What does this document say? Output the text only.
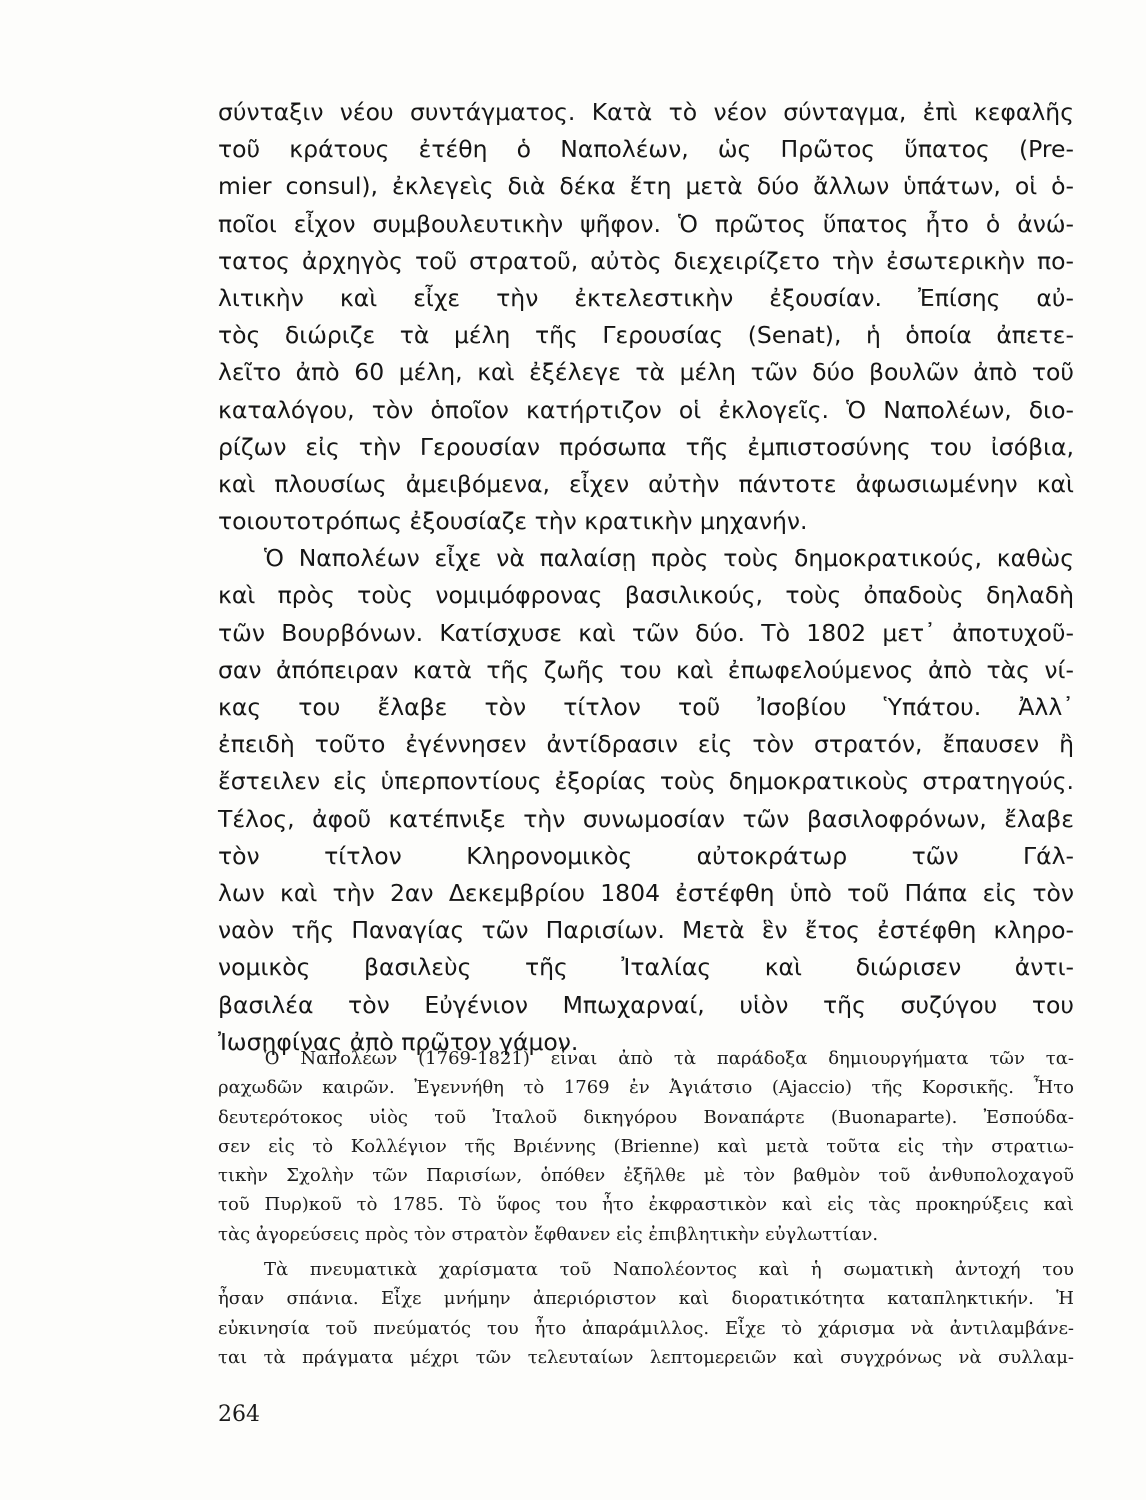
σύνταξιν νέου συντάγματος. Κατὰ τὸ νέον σύνταγμα, ἐπὶ κεφαλῆς
τοῦ κράτους ἐτέθη ὁ Ναπολέων, ὡς Πρῶτος ὕπατος (Pre-
mier consul), ἐκλεγεὶς διὰ δέκα ἔτη μετὰ δύο ἄλλων ὑπάτων, οἱ ὁ-
ποῖοι εἶχον συμβουλευτικὴν ψῆφον. Ὁ πρῶτος ὕπατος ἦτο ὁ ἀνώ-
τατος ἀρχηγὸς τοῦ στρατοῦ, αὐτὸς διεχειρίζετο τὴν ἐσωτερικὴν πο-
λιτικὴν καὶ εἶχε τὴν ἐκτελεστικὴν ἐξουσίαν. Ἐπίσης αὐ-
τὸς διώριζε τὰ μέλη τῆς Γερουσίας (Senat), ἡ ὁποία ἀπετε-
λεῖτο ἀπὸ 60 μέλη, καὶ ἐξέλεγε τὰ μέλη τῶν δύο βουλῶν ἀπὸ τοῦ
καταλόγου, τὸν ὁποῖον κατήρτιζον οἱ ἐκλογεῖς. Ὁ Ναπολέων, διο-
ρίζων εἰς τὴν Γερουσίαν πρόσωπα τῆς ἐμπιστοσύνης του ἰσόβια,
καὶ πλουσίως ἀμειβόμενα, εἶχεν αὐτὴν πάντοτε ἀφωσιωμένην καὶ
τοιουτοτρόπως ἐξουσίαζε τὴν κρατικὴν μηχανήν.
Ὁ Ναπολέων εἶχε νὰ παλαίσῃ πρὸς τοὺς δημοκρατικούς, καθὼς
καὶ πρὸς τοὺς νομιμόφρονας βασιλικούς, τοὺς ὀπαδοὺς δηλαδὴ
τῶν Βουρβόνων. Κατίσχυσε καὶ τῶν δύο. Τὸ 1802 μετ᾽ ἀποτυχοῦ-
σαν ἀπόπειραν κατὰ τῆς ζωῆς του καὶ ἐπωφελούμενος ἀπὸ τὰς νί-
κας του ἔλαβε τὸν τίτλον τοῦ Ἰσοβίου Ὑπάτου. Ἀλλ᾽
ἐπειδὴ τοῦτο ἐγέννησεν ἀντίδρασιν εἰς τὸν στρατόν, ἔπαυσεν ἢ
ἔστειλεν εἰς ὑπερποντίους ἐξορίας τοὺς δημοκρατικοὺς στρατηγούς.
Τέλος, ἀφοῦ κατέπνιξε τὴν συνωμοσίαν τῶν βασιλοφρόνων, ἔλαβε
τὸν τίτλον Κληρονομικὸς αὐτοκράτωρ τῶν Γάλ-
λων καὶ τὴν 2αν Δεκεμβρίου 1804 ἐστέφθη ὑπὸ τοῦ Πάπα εἰς τὸν
ναὸν τῆς Παναγίας τῶν Παρισίων. Μετὰ ἓν ἔτος ἐστέφθη κληρο-
νομικὸς βασιλεὺς τῆς Ἰταλίας καὶ διώρισεν ἀντι-
βασιλέα τὸν Εὐγένιον Μπωχαρναί, υἱὸν τῆς συζύγου του
Ἰωσηφίνας ἀπὸ πρῶτον γάμον.
Ὁ Ναπολέων (1769-1821) εἶναι ἀπὸ τὰ παράδοξα δημιουργήματα τῶν τα-
ραχωδῶν καιρῶν. Ἐγεννήθη τὸ 1769 ἐν Ἀγιάτσιο (Ajaccio) τῆς Κορσικῆς. Ἦτο
δευτερότοκος υἱὸς τοῦ Ἰταλοῦ δικηγόρου Βοναπάρτε (Buonaparte). Ἐσπούδα-
σεν εἰς τὸ Κολλέγιον τῆς Βριέννης (Brienne) καὶ μετὰ τοῦτα εἰς τὴν στρατιω-
τικὴν Σχολὴν τῶν Παρισίων, ὁπόθεν ἐξῆλθε μὲ τὸν βαθμὸν τοῦ ἀνθυπολοχαγοῦ
τοῦ Πυρ)κοῦ τὸ 1785. Τὸ ὕφος του ἦτο ἐκφραστικὸν καὶ εἰς τὰς προκηρύξεις καὶ
τὰς ἀγορεύσεις πρὸς τὸν στρατὸν ἔφθανεν εἰς ἐπιβλητικὴν εὐγλωττίαν.
Τὰ πνευματικὰ χαρίσματα τοῦ Ναπολέοντος καὶ ἡ σωματικὴ ἀντοχή του
ἦσαν σπάνια. Εἶχε μνήμην ἀπεριόριστον καὶ διορατικότητα καταπληκτικήν. Ἡ
εὐκινησία τοῦ πνεύματός του ἦτο ἀπαράμιλλος. Εἶχε τὸ χάρισμα νὰ ἀντιλαμβάνε-
ται τὰ πράγματα μέχρι τῶν τελευταίων λεπτομερειῶν καὶ συγχρόνως νὰ συλλαμ-
264
